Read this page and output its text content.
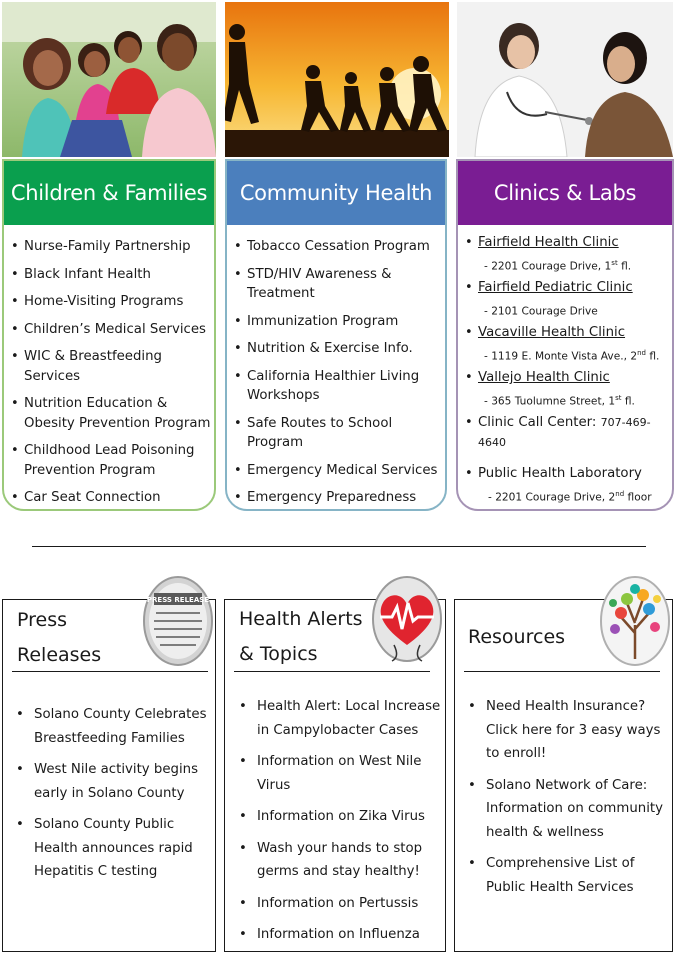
Children & Families
• Nurse-Family Partnership
• Black Infant Health
• Home-Visiting Programs
• Children’s Medical Services
• WIC & Breastfeeding Services
• Nutrition Education & Obesity Prevention Program
• Childhood Lead Poisoning Prevention Program
• Car Seat Connection
Community Health
• Tobacco Cessation Program
• STD/HIV Awareness & Treatment
• Immunization Program
• Nutrition & Exercise Info.
• California Healthier Living Workshops
• Safe Routes to School Program
• Emergency Medical Services
• Emergency Preparedness
Clinics & Labs
• Fairfield Health Clinic
- 2201 Courage Drive, 1st fl.
• Fairfield Pediatric Clinic
- 2101 Courage Drive
• Vacaville Health Clinic
- 1119 E. Monte Vista Ave., 2nd fl.
• Vallejo Health Clinic
- 365 Tuolumne Street, 1st fl.
• Clinic Call Center: 707-469-4640
• Public Health Laboratory
- 2201 Courage Drive, 2nd floor
Press
Releases
• Solano County Celebrates Breastfeeding Families
• West Nile activity begins early in Solano County
• Solano County Public Health announces rapid Hepatitis C testing
PRESS RELEASE
Health Alerts
& Topics
• Health Alert: Local Increase in Campylobacter Cases
• Information on West Nile Virus
• Information on Zika Virus
• Wash your hands to stop germs and stay healthy!
• Information on Pertussis
• Information on Influenza
Resources
• Need Health Insurance? Click here for 3 easy ways to enroll!
• Solano Network of Care: Information on community health & wellness
• Comprehensive List of Public Health Services
